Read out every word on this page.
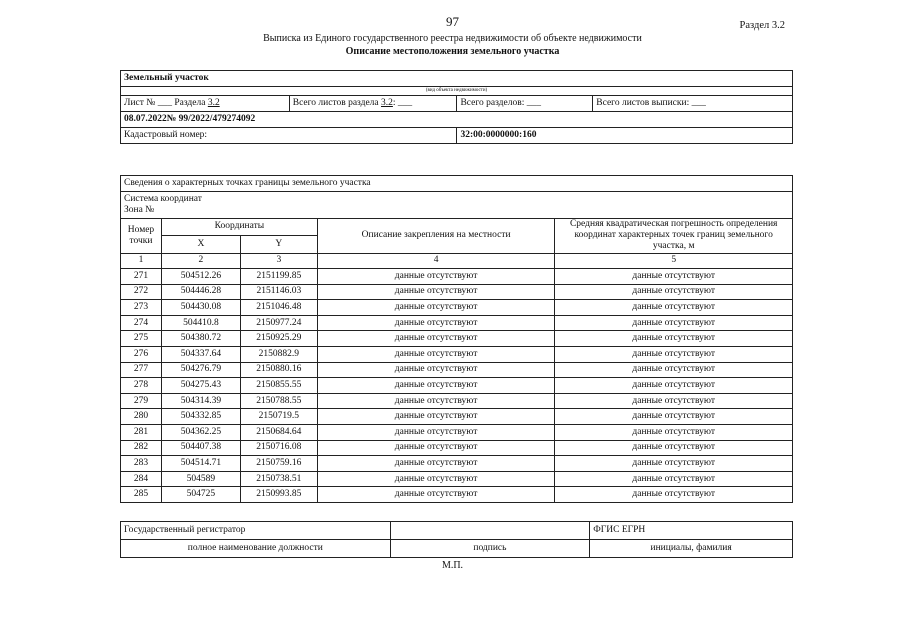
97	Раздел 3.2
Выписка из Единого государственного реестра недвижимости об объекте недвижимости
Описание местоположения земельного участка
Земельный участок			
(вид объекта недвижимости)			
Лист № ___ Раздела 3.2	Всего листов раздела 3.2: ___	Всего разделов: ___	Всего листов выписки: ___
08.07.2022№ 99/2022/479274092			
Кадастровый номер:		32:00:0000000:160	
Сведения о характерных точках границы земельного участка				

Система координат
Зона №				

Номер точки	Координаты		Описание закрепления на местности	Средняя квадратическая погрешность определения координат характерных точек границ земельного участка, м
	X	Y		
1	2	3	4	5
271	504512.26	2151199.85	данные отсутствуют	данные отсутствуют
272	504446.28	2151146.03	данные отсутствуют	данные отсутствуют
273	504430.08	2151046.48	данные отсутствуют	данные отсутствуют
274	504410.8	2150977.24	данные отсутствуют	данные отсутствуют
275	504380.72	2150925.29	данные отсутствуют	данные отсутствуют
276	504337.64	2150882.9	данные отсутствуют	данные отсутствуют
277	504276.79	2150880.16	данные отсутствуют	данные отсутствуют
278	504275.43	2150855.55	данные отсутствуют	данные отсутствуют
279	504314.39	2150788.55	данные отсутствуют	данные отсутствуют
280	504332.85	2150719.5	данные отсутствуют	данные отсутствуют
281	504362.25	2150684.64	данные отсутствуют	данные отсутствуют
282	504407.38	2150716.08	данные отсутствуют	данные отсутствуют
283	504514.71	2150759.16	данные отсутствуют	данные отсутствуют
284	504589	2150738.51	данные отсутствуют	данные отсутствуют
285	504725	2150993.85	данные отсутствуют	данные отсутствуют
Государственный регистратор		ФГИС ЕГРН
полное наименование должности	подпись	инициалы, фамилия
М.П.
